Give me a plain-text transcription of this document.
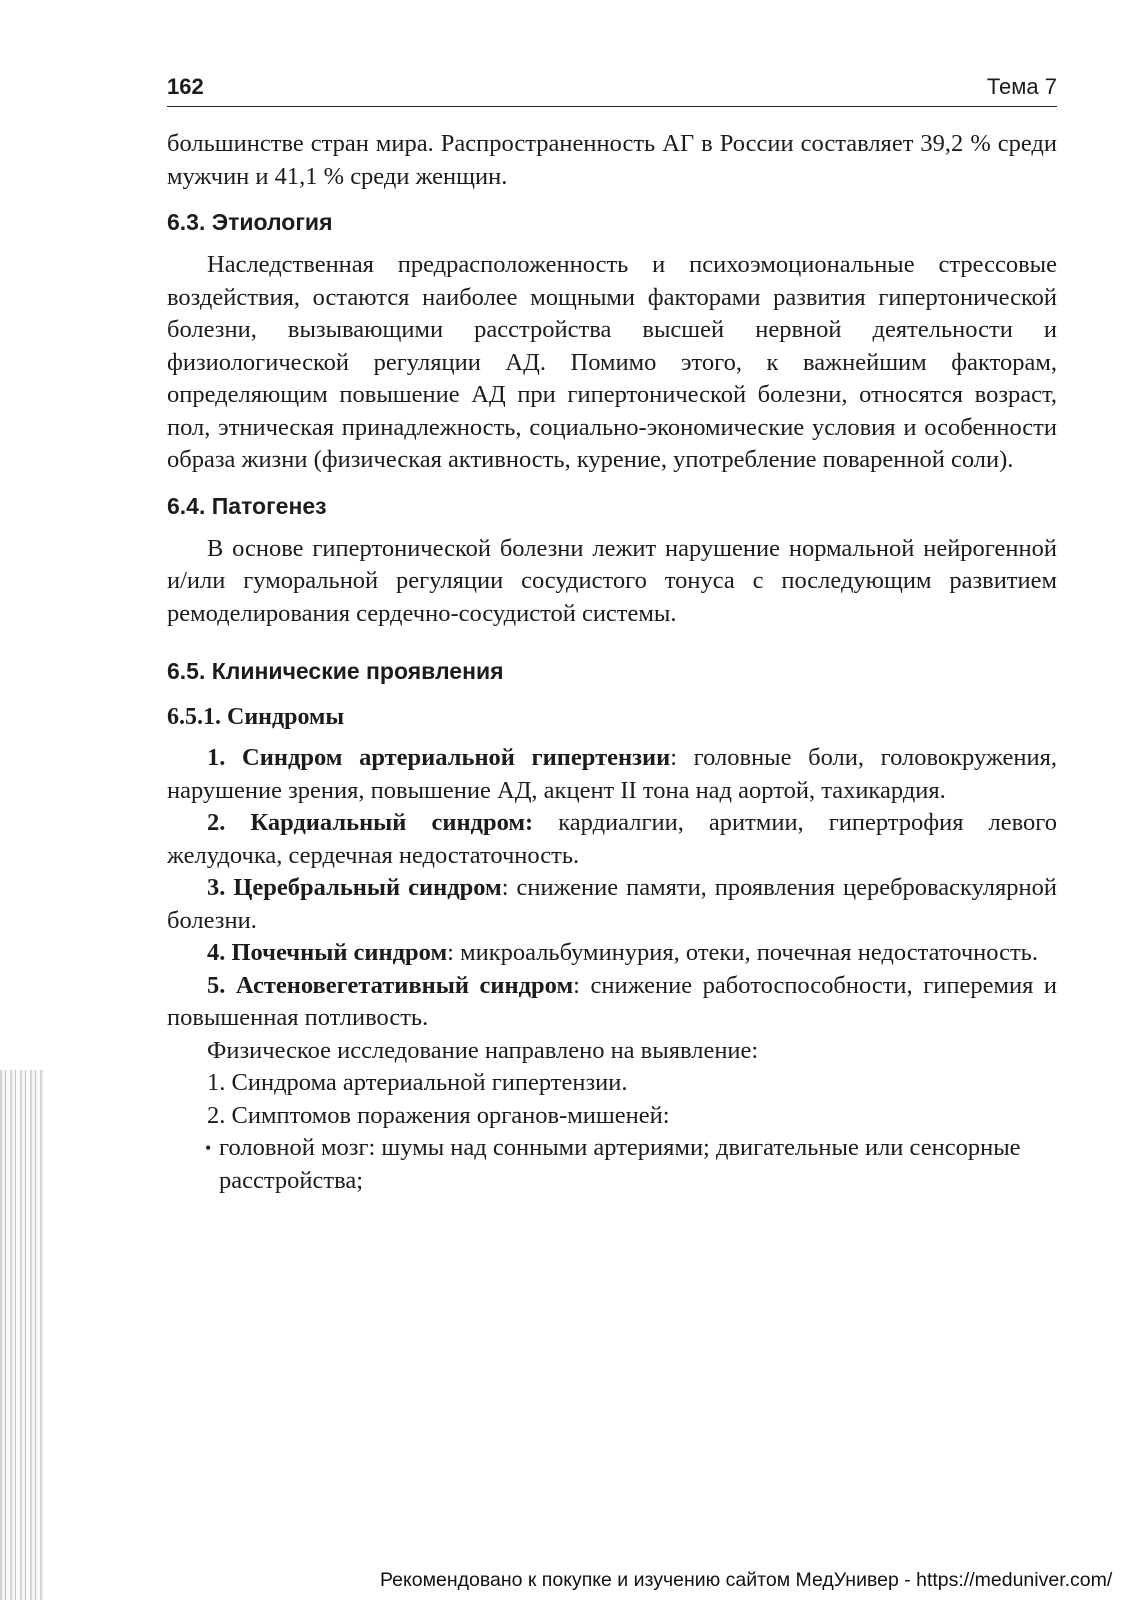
162	Тема 7

большинстве стран мира. Распространенность АГ в России составляет 39,2 % среди мужчин и 41,1 % среди женщин.

6.3. Этиология

Наследственная предрасположенность и психоэмоциональные стрессовые воздействия, остаются наиболее мощными факторами развития гипертонической болезни, вызывающими расстройства высшей нервной деятельности и физиологической регуляции АД. Помимо этого, к важнейшим факторам, определяющим повышение АД при гипертонической болезни, относятся возраст, пол, этническая принадлежность, социально-экономические условия и особенности образа жизни (физическая активность, курение, употребление поваренной соли).

6.4. Патогенез

В основе гипертонической болезни лежит нарушение нормальной нейрогенной и/или гуморальной регуляции сосудистого тонуса с последующим развитием ремоделирования сердечно-сосудистой системы.

6.5. Клинические проявления
6.5.1. Синдромы

1. Синдром артериальной гипертензии: головные боли, головокружения, нарушение зрения, повышение АД, акцент II тона над аортой, тахикардия.

2. Кардиальный синдром: кардиалгии, аритмии, гипертрофия левого желудочка, сердечная недостаточность.

3. Церебральный синдром: снижение памяти, проявления цереброваскулярной болезни.

4. Почечный синдром: микроальбуминурия, отеки, почечная недостаточность.

5. Астеновегетативный синдром: снижение работоспособности, гиперемия и повышенная потливость.

Физическое исследование направлено на выявление:

1. Синдрома артериальной гипертензии.

2. Симптомов поражения органов-мишеней:

• головной мозг: шумы над сонными артериями; двигательные или сенсорные расстройства;

Рекомендовано к покупке и изучению сайтом МедУнивер - https://meduniver.com/
